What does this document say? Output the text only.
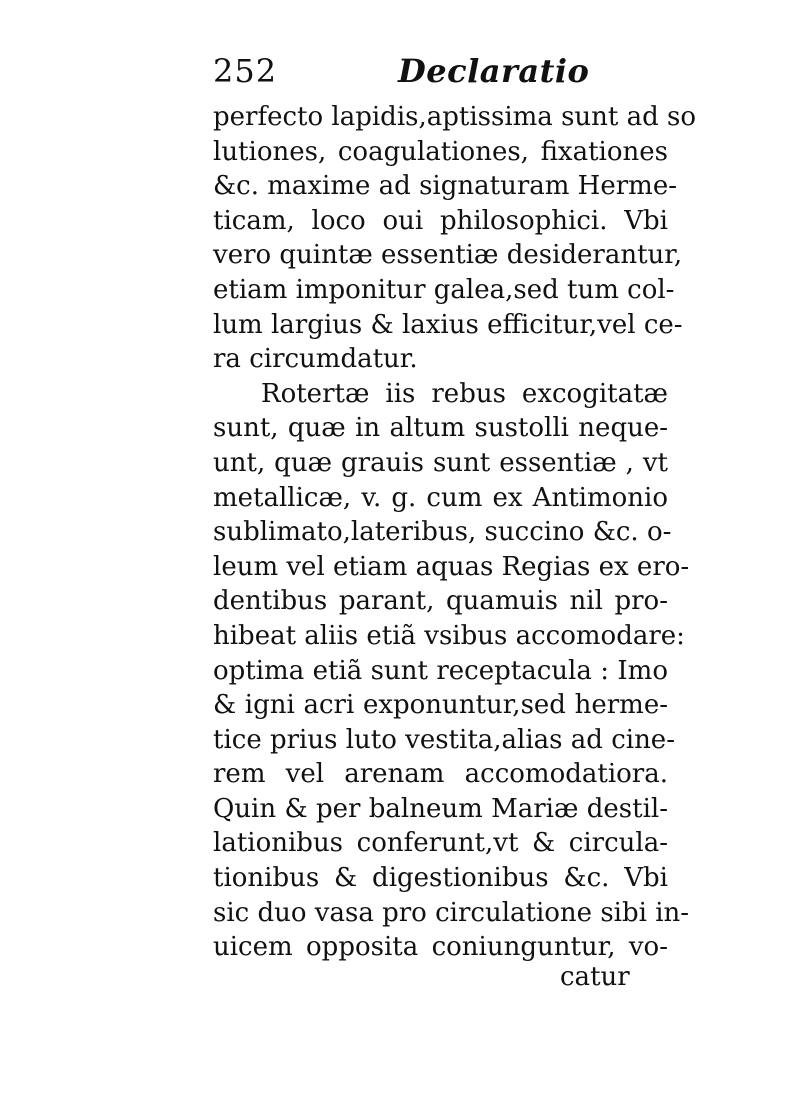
252	Declaratio
perfecto lapidis,aptissima sunt ad so
lutiones, coagulationes, fixationes
&c. maxime ad signaturam Herme-
ticam, loco oui philosophici. Vbi
vero quintæ essentiæ desiderantur,
etiam imponitur galea,sed tum col-
lum largius & laxius efficitur,vel ce-
ra circumdatur.
Rotertæ iis rebus excogitatæ
sunt, quæ in altum sustolli neque-
unt, quæ grauis sunt essentiæ , vt
metallicæ, v. g. cum ex Antimonio
sublimato,lateribus, succino &c. o-
leum vel etiam aquas Regias ex ero-
dentibus parant, quamuis nil pro-
hibeat aliis etiã vsibus accomodare:
optima etiã sunt receptacula : Imo
& igni acri exponuntur,sed herme-
tice prius luto vestita,alias ad cine-
rem vel arenam accomodatiora.
Quin & per balneum Mariæ destil-
lationibus conferunt,vt & circula-
tionibus & digestionibus &c. Vbi
sic duo vasa pro circulatione sibi in-
uicem opposita coniunguntur, vo-
catur
